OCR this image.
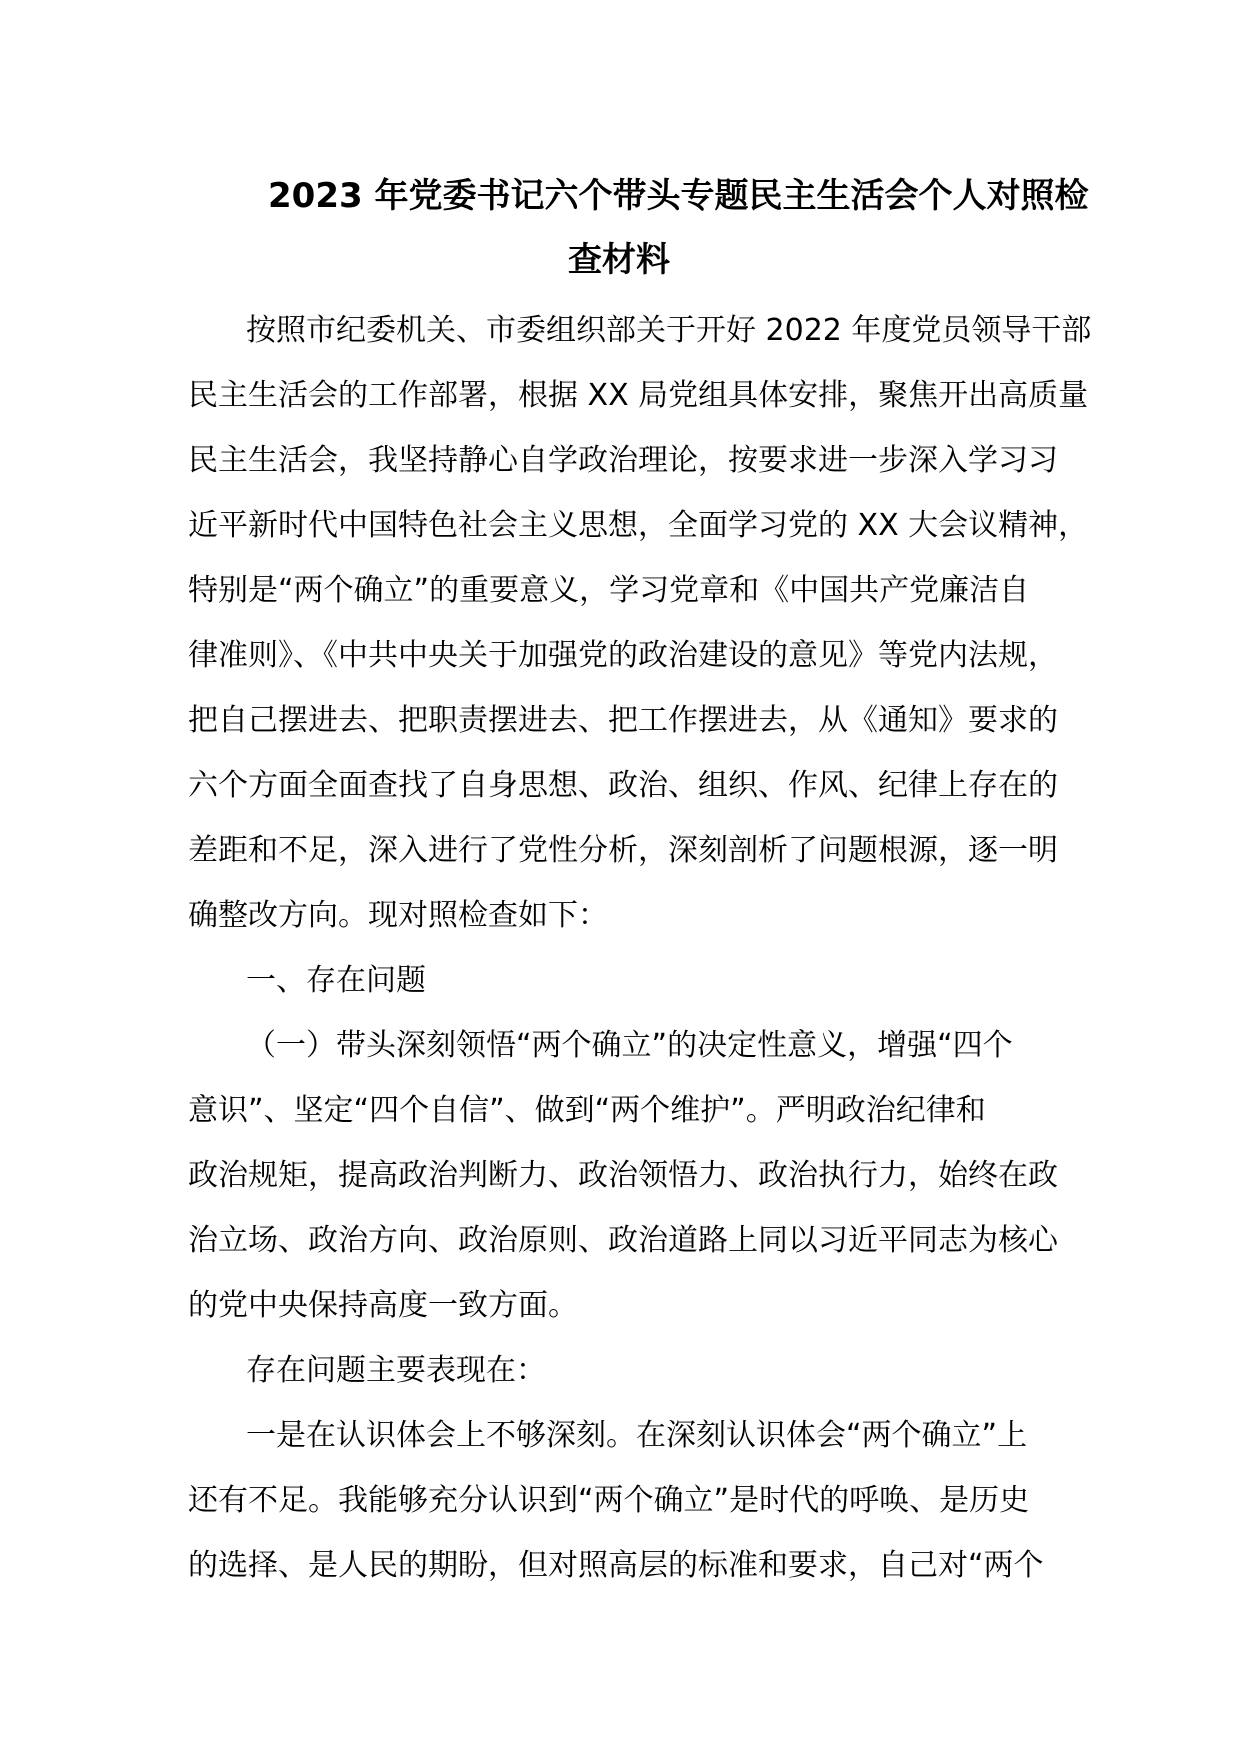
2023 年党委书记六个带头专题民主生活会个人对照检
查材料
按照市纪委机关、市委组织部关于开好 2022 年度党员领导干部
民主生活会的工作部署，根据 XX 局党组具体安排，聚焦开出高质量
民主生活会，我坚持静心自学政治理论，按要求进一步深入学习习
近平新时代中国特色社会主义思想，全面学习党的 XX 大会议精神，
特别是“两个确立”的重要意义，学习党章和《中国共产党廉洁自
律准则》、《中共中央关于加强党的政治建设的意见》等党内法规，
把自己摆进去、把职责摆进去、把工作摆进去，从《通知》要求的
六个方面全面查找了自身思想、政治、组织、作风、纪律上存在的
差距和不足，深入进行了党性分析，深刻剖析了问题根源，逐一明
确整改方向。现对照检查如下：
一、存在问题
（一）带头深刻领悟“两个确立”的决定性意义，增强“四个
意识”、坚定“四个自信”、做到“两个维护”。严明政治纪律和
政治规矩，提高政治判断力、政治领悟力、政治执行力，始终在政
治立场、政治方向、政治原则、政治道路上同以习近平同志为核心
的党中央保持高度一致方面。
存在问题主要表现在：
一是在认识体会上不够深刻。在深刻认识体会“两个确立”上
还有不足。我能够充分认识到“两个确立”是时代的呼唤、是历史
的选择、是人民的期盼，但对照高层的标准和要求，自己对“两个
